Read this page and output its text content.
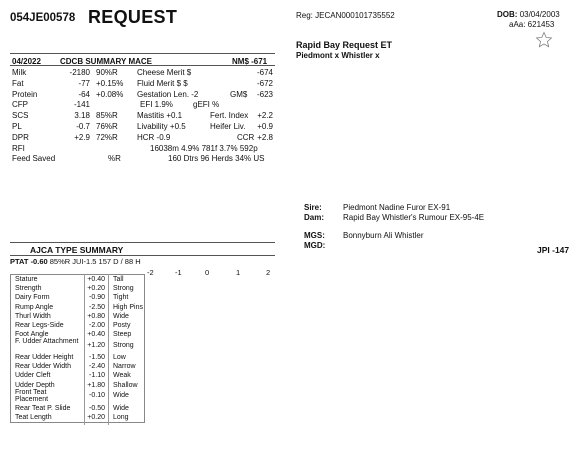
054JE00578 REQUEST	Reg: JECAN000101735552	DOB: 03/04/2003
aAa: 621453
Rapid Bay Request ET
Piedmont x Whistler x
04/2022 CDCB SUMMARY MACE	NM$ -671
Milk	-2180 90%R Cheese Merit $	-674
Fat	-77 +0.15% Fluid Merit $ $	-672
Protein	-64 +0.08% Gestation Len. -2	GM$	-623
CFP	-141	EFI 1.9%	gEFI %
SCS	3.18 85%R Mastitis +0.1	Fert. Index	+2.2
PL	-0.7 76%R Livability +0.5	Heifer Liv.	+0.9
DPR	+2.9 72%R HCR -0.9	CCR +2.8
RFI	16038m 4.9% 781f 3.7% 592p
Feed Saved	%R	160 Dtrs 96 Herds 34% US
Sire:	Piedmont Nadine Furor EX-91
Dam: Rapid Bay Whistler's Rumour EX-95-4E
MGS: Bonnyburn Ali Whistler
MGD:
AJCA TYPE SUMMARY	JPI -147
PTAT -0.60 85%R JUI-1.5 157 D / 88 H
-2	-1	0	1	2
Stature	+0.40 Tall
Strength	+0.20 Strong
Dairy Form	-0.90 Tight
Rump Angle	-2.50 High Pins
Thurl Width	+0.80 Wide
Rear Legs-Side	-2.00 Posty
Foot Angle	+0.40 Steep
F. Udder Attachment	+1.20 Strong
Rear Udder Height	-1.50 Low
Rear Udder Width	-2.40 Narrow
Udder Cleft	-1.10 Weak
Udder Depth	+1.80 Shallow
Front Teat Placement	-0.10 Wide
Rear Teat P. Slide	-0.50 Wide
Teat Length	+0.20 Long
